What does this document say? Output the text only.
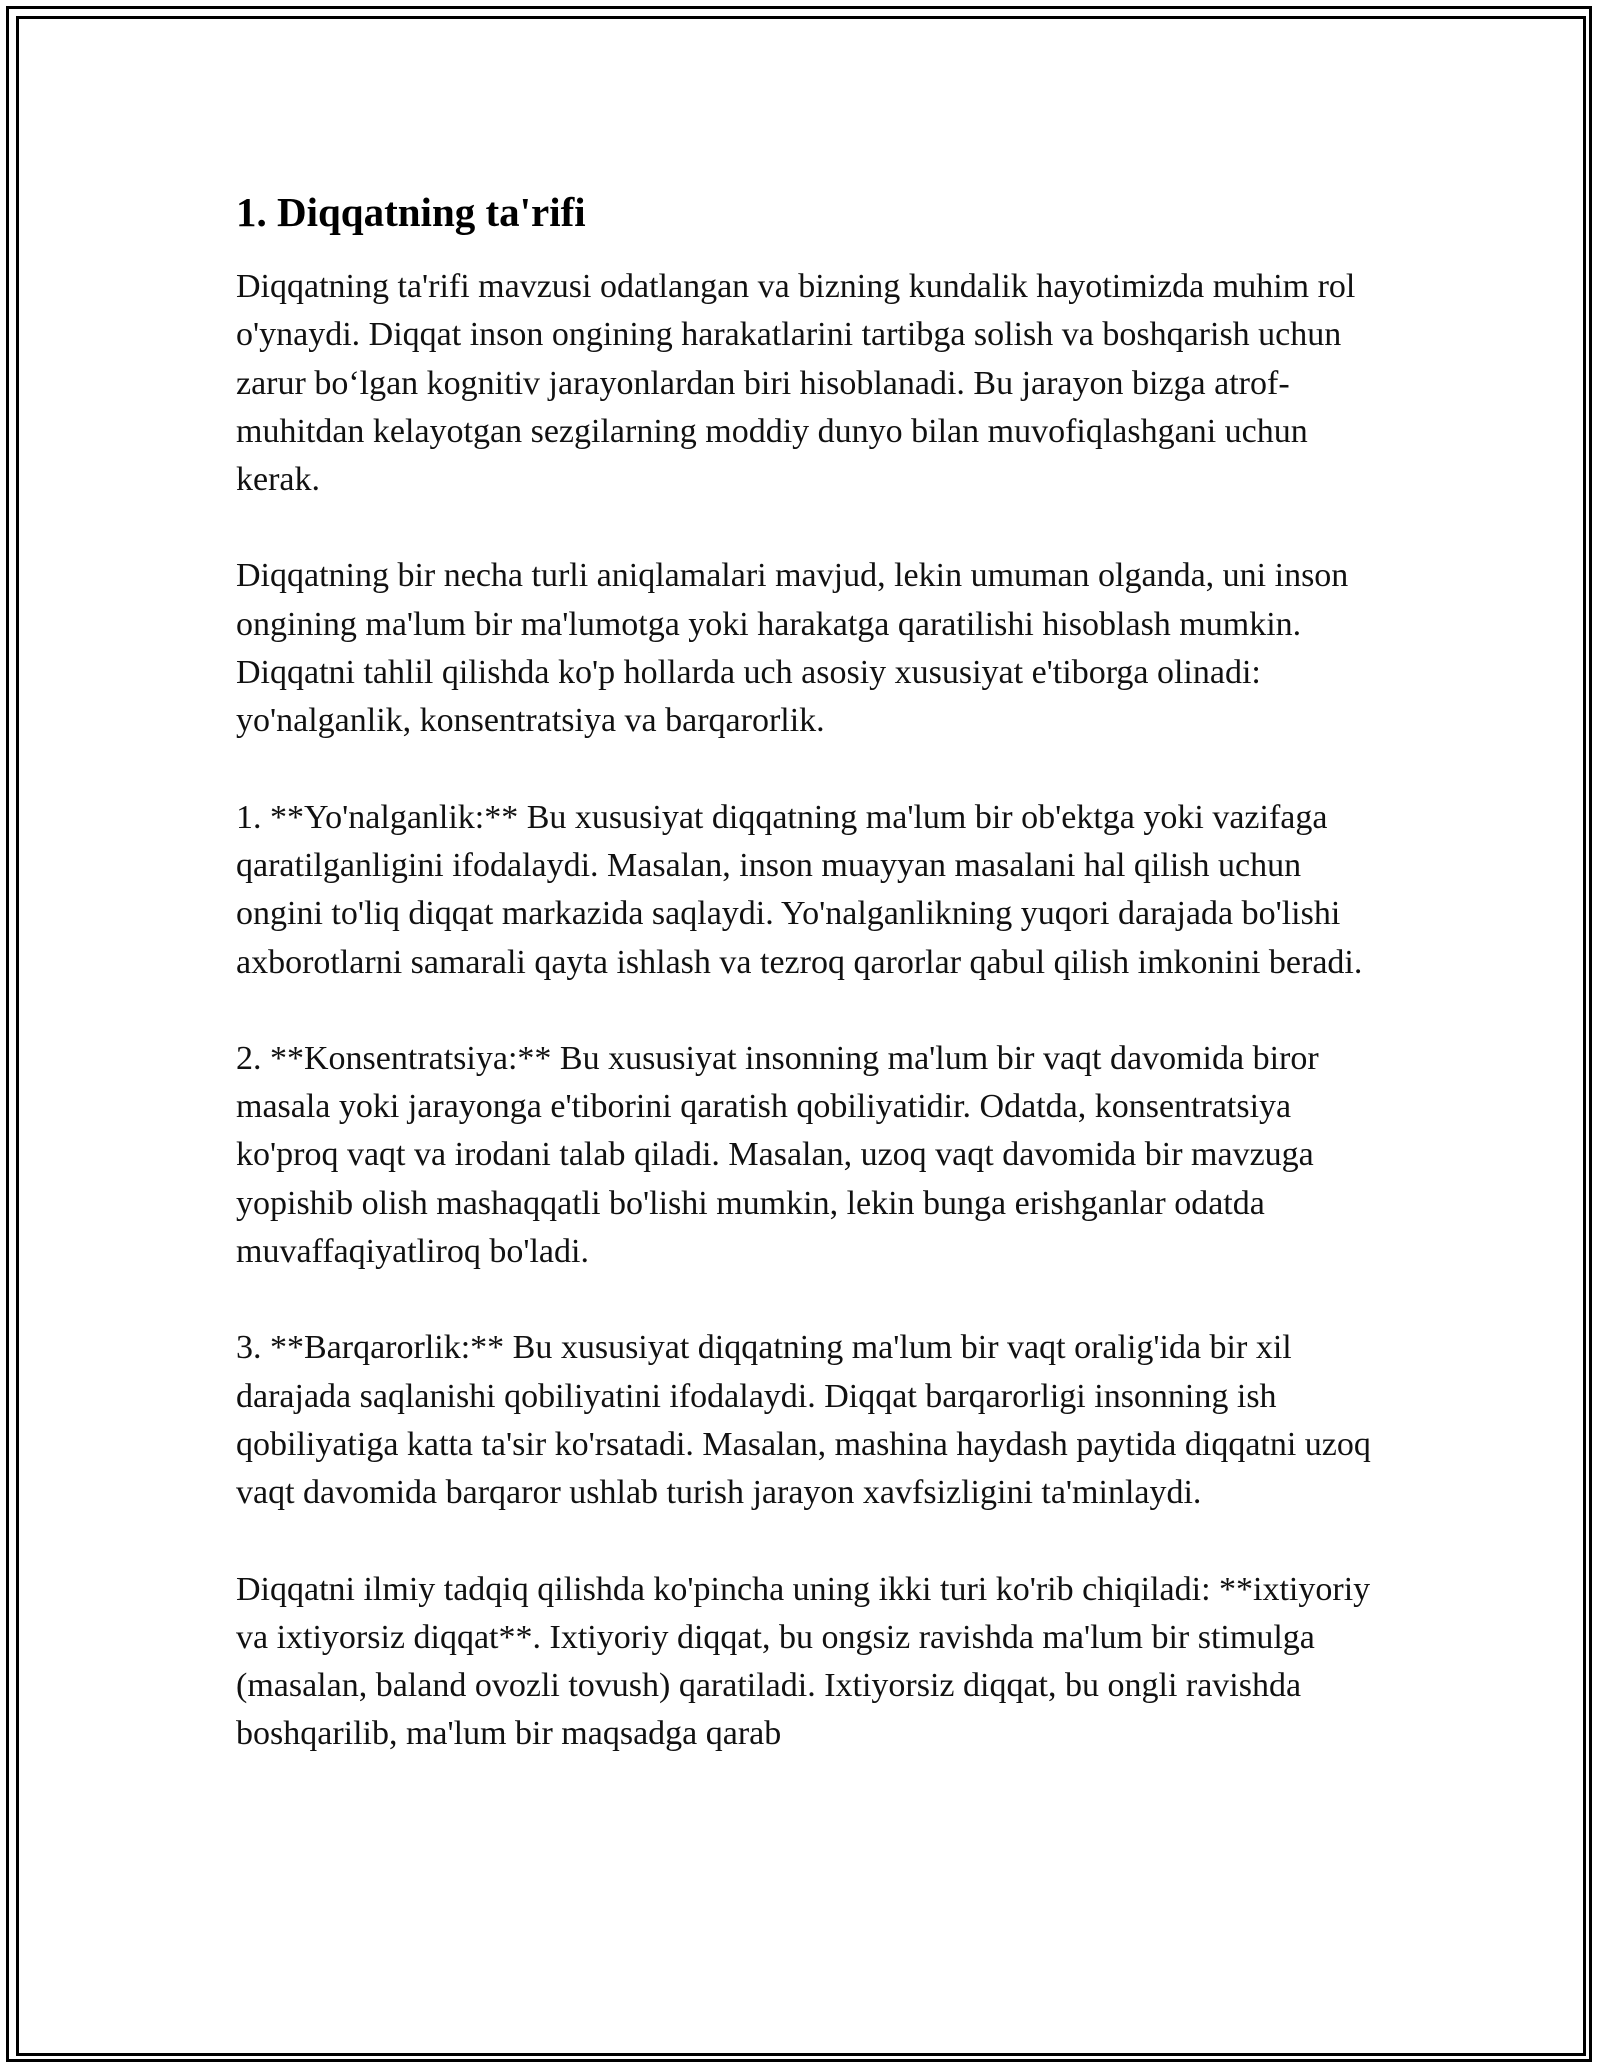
1. Diqqatning ta'rifi

Diqqatning ta'rifi mavzusi odatlangan va bizning kundalik hayotimizda muhim rol o'ynaydi. Diqqat inson ongining harakatlarini tartibga solish va boshqarish uchun zarur bo‘lgan kognitiv jarayonlardan biri hisoblanadi. Bu jarayon bizga atrof-muhitdan kelayotgan sezgilarning moddiy dunyo bilan muvofiqlashgani uchun kerak.

Diqqatning bir necha turli aniqlamalari mavjud, lekin umuman olganda, uni inson ongining ma'lum bir ma'lumotga yoki harakatga qaratilishi hisoblash mumkin. Diqqatni tahlil qilishda ko'p hollarda uch asosiy xususiyat e'tiborga olinadi: yo'nalganlik, konsentratsiya va barqarorlik.

1. **Yo'nalganlik:** Bu xususiyat diqqatning ma'lum bir ob'ektga yoki vazifaga qaratilganligini ifodalaydi. Masalan, inson muayyan masalani hal qilish uchun ongini to'liq diqqat markazida saqlaydi. Yo'nalganlikning yuqori darajada bo'lishi axborotlarni samarali qayta ishlash va tezroq qarorlar qabul qilish imkonini beradi.

2. **Konsentratsiya:** Bu xususiyat insonning ma'lum bir vaqt davomida biror masala yoki jarayonga e'tiborini qaratish qobiliyatidir. Odatda, konsentratsiya ko'proq vaqt va irodani talab qiladi. Masalan, uzoq vaqt davomida bir mavzuga yopishib olish mashaqqatli bo'lishi mumkin, lekin bunga erishganlar odatda muvaffaqiyatliroq bo'ladi.

3. **Barqarorlik:** Bu xususiyat diqqatning ma'lum bir vaqt oralig'ida bir xil darajada saqlanishi qobiliyatini ifodalaydi. Diqqat barqarorligi insonning ish qobiliyatiga katta ta'sir ko'rsatadi. Masalan, mashina haydash paytida diqqatni uzoq vaqt davomida barqaror ushlab turish jarayon xavfsizligini ta'minlaydi.

Diqqatni ilmiy tadqiq qilishda ko'pincha uning ikki turi ko'rib chiqiladi: **ixtiyoriy va ixtiyorsiz diqqat**. Ixtiyoriy diqqat, bu ongsiz ravishda ma'lum bir stimulga (masalan, baland ovozli tovush) qaratiladi. Ixtiyorsiz diqqat, bu ongli ravishda boshqarilib, ma'lum bir maqsadga qarab
